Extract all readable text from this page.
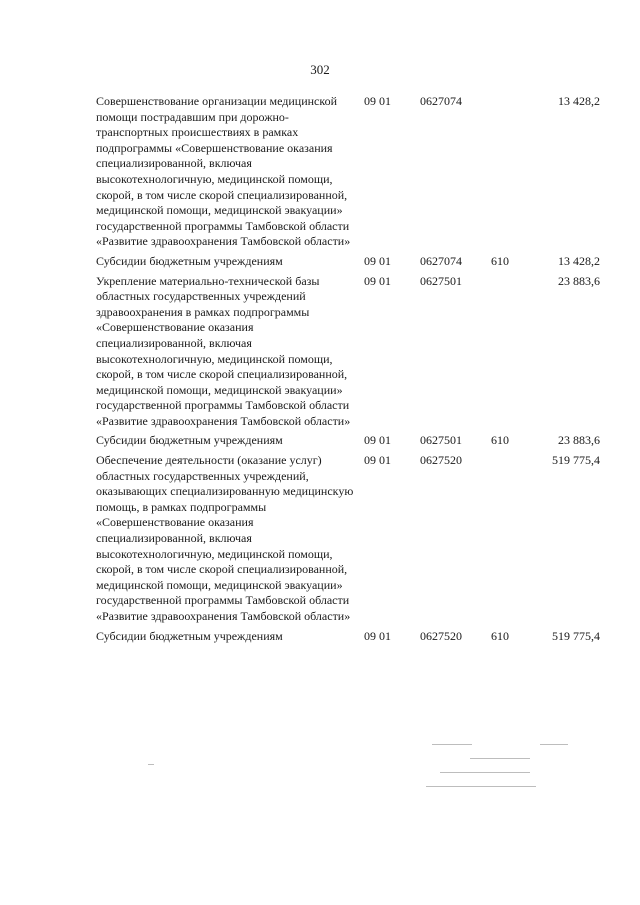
302
Совершенствование организации медицинской помощи пострадавшим при дорожно-транспортных происшествиях в рамках подпрограммы «Совершенствование оказания специализированной, включая высокотехнологичную, медицинской помощи, скорой, в том числе скорой специализированной, медицинской помощи, медицинской эвакуации» государственной программы Тамбовской области «Развитие здравоохранения Тамбовской области»	09 01	0627074		13 428,2
Субсидии бюджетным учреждениям	09 01	0627074	610	13 428,2
Укрепление материально-технической базы областных государственных учреждений здравоохранения в рамках подпрограммы «Совершенствование оказания специализированной, включая высокотехнологичную, медицинской помощи, скорой, в том числе скорой специализированной, медицинской помощи, медицинской эвакуации» государственной программы Тамбовской области «Развитие здравоохранения Тамбовской области»	09 01	0627501		23 883,6
Субсидии бюджетным учреждениям	09 01	0627501	610	23 883,6
Обеспечение деятельности (оказание услуг) областных государственных учреждений, оказывающих специализированную медицинскую помощь, в рамках подпрограммы «Совершенствование оказания специализированной, включая высокотехнологичную, медицинской помощи, скорой, в том числе скорой специализированной, медицинской помощи, медицинской эвакуации» государственной программы Тамбовской области «Развитие здравоохранения Тамбовской области»	09 01	0627520		519 775,4
Субсидии бюджетным учреждениям	09 01	0627520	610	519 775,4
